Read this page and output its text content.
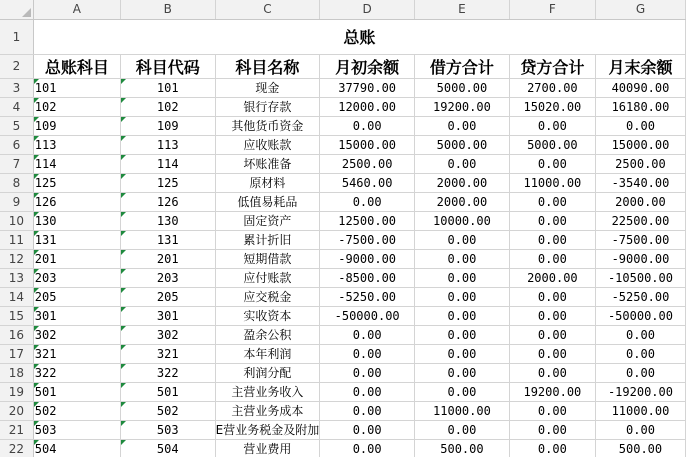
	A	B	C	D	E	F	G
1	总账						
2	总账科目	科目代码	科目名称	月初余额	借方合计	贷方合计	月末余额
3	101	101	现金	37790.00	5000.00	2700.00	40090.00
4	102	102	银行存款	12000.00	19200.00	15020.00	16180.00
5	109	109	其他货币资金	0.00	0.00	0.00	0.00
6	113	113	应收账款	15000.00	5000.00	5000.00	15000.00
7	114	114	坏账准备	2500.00	0.00	0.00	2500.00
8	125	125	原材料	5460.00	2000.00	11000.00	-3540.00
9	126	126	低值易耗品	0.00	2000.00	0.00	2000.00
10	130	130	固定资产	12500.00	10000.00	0.00	22500.00
11	131	131	累计折旧	-7500.00	0.00	0.00	-7500.00
12	201	201	短期借款	-9000.00	0.00	0.00	-9000.00
13	203	203	应付账款	-8500.00	0.00	2000.00	-10500.00
14	205	205	应交税金	-5250.00	0.00	0.00	-5250.00
15	301	301	实收资本	-50000.00	0.00	0.00	-50000.00
16	302	302	盈余公积	0.00	0.00	0.00	0.00
17	321	321	本年利润	0.00	0.00	0.00	0.00
18	322	322	利润分配	0.00	0.00	0.00	0.00
19	501	501	主营业务收入	0.00	0.00	19200.00	-19200.00
20	502	502	主营业务成本	0.00	11000.00	0.00	11000.00
21	503	503	E营业务税金及附加	0.00	0.00	0.00	0.00
22	504	504	营业费用	0.00	500.00	0.00	500.00
